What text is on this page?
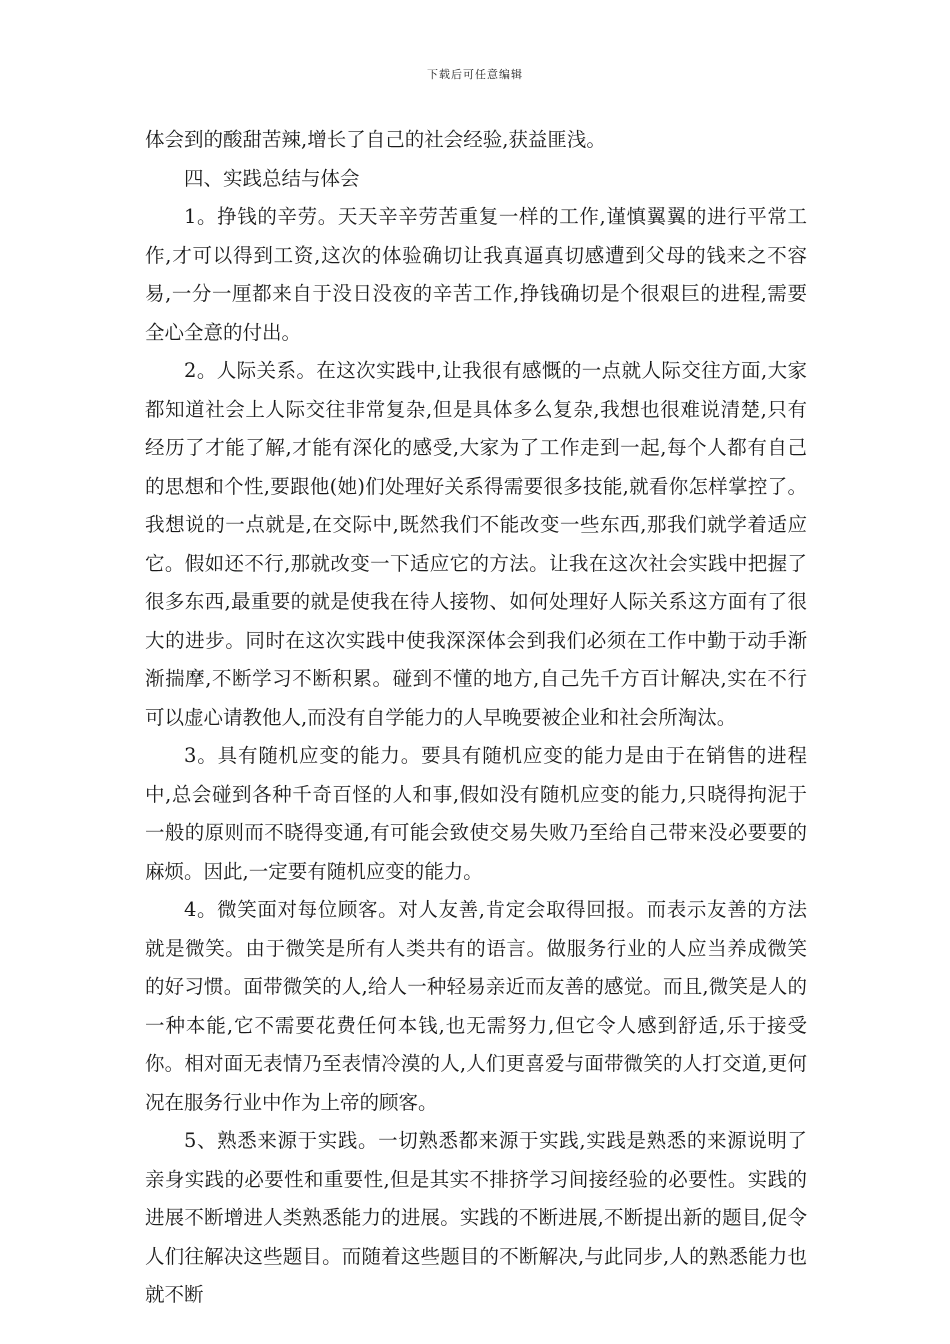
下载后可任意编辑

体会到的酸甜苦辣,增长了自己的社会经验,获益匪浅。

四、实践总结与体会

1。挣钱的辛劳。天天辛辛劳苦重复一样的工作,谨慎翼翼的进行平常工作,才可以得到工资,这次的体验确切让我真逼真切感遭到父母的钱来之不容易,一分一厘都来自于没日没夜的辛苦工作,挣钱确切是个很艰巨的进程,需要全心全意的付出。

2。人际关系。在这次实践中,让我很有感慨的一点就人际交往方面,大家都知道社会上人际交往非常复杂,但是具体多么复杂,我想也很难说清楚,只有经历了才能了解,才能有深化的感受,大家为了工作走到一起,每个人都有自己的思想和个性,要跟他(她)们处理好关系得需要很多技能,就看你怎样掌控了。我想说的一点就是,在交际中,既然我们不能改变一些东西,那我们就学着适应它。假如还不行,那就改变一下适应它的方法。让我在这次社会实践中把握了很多东西,最重要的就是使我在待人接物、如何处理好人际关系这方面有了很大的进步。同时在这次实践中使我深深体会到我们必须在工作中勤于动手渐渐揣摩,不断学习不断积累。碰到不懂的地方,自己先千方百计解决,实在不行可以虚心请教他人,而没有自学能力的人早晚要被企业和社会所淘汰。

3。具有随机应变的能力。要具有随机应变的能力是由于在销售的进程中,总会碰到各种千奇百怪的人和事,假如没有随机应变的能力,只晓得拘泥于一般的原则而不晓得变通,有可能会致使交易失败乃至给自己带来没必要要的麻烦。因此,一定要有随机应变的能力。

4。微笑面对每位顾客。对人友善,肯定会取得回报。而表示友善的方法就是微笑。由于微笑是所有人类共有的语言。做服务行业的人应当养成微笑的好习惯。面带微笑的人,给人一种轻易亲近而友善的感觉。而且,微笑是人的一种本能,它不需要花费任何本钱,也无需努力,但它令人感到舒适,乐于接受你。相对面无表情乃至表情冷漠的人,人们更喜爱与面带微笑的人打交道,更何况在服务行业中作为上帝的顾客。

5、熟悉来源于实践。一切熟悉都来源于实践,实践是熟悉的来源说明了亲身实践的必要性和重要性,但是其实不排挤学习间接经验的必要性。实践的进展不断增进人类熟悉能力的进展。实践的不断进展,不断提出新的题目,促令人们往解决这些题目。而随着这些题目的不断解决,与此同步,人的熟悉能力也就不断
